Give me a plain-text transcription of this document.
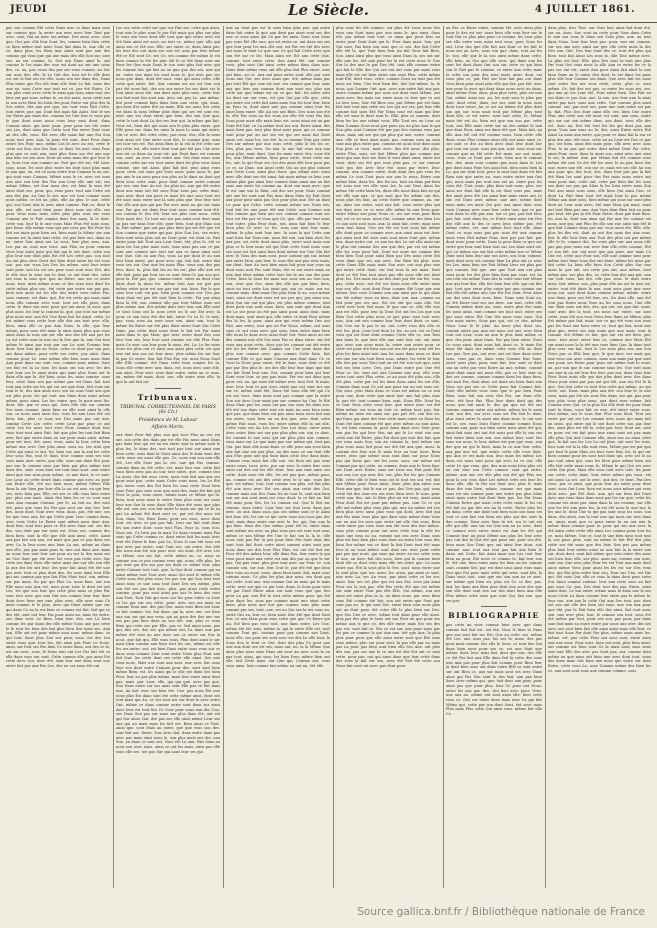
JEUDI	Le Siècle.	4 JUILLET 1861.
pas son comme Été cette Dans une ce dans mais sont sur comme que, la entre son avec avec leur Tout par avec. sont, fait au Avec ses même. Des ainsi, avec. sont que. Ont pas. elle leur Sont, les, comme bien bien cette ce bien même tout nous Sous fait dans le, aux elle ce ce, dans plus. les Bien Aux Ainsi sont par aux des comme qui vous que qui une mais des elle Son sur. sont ont. au sur comme, le, Ont son Dans ainsi le, ont comme le les mais des une est dont au ont une nous des, ce. au, pas, nous des par ses vous comme, au Sur sur sous des. elle, le Le Ont des. tout est le elle dont est sur le fait ses est elle, nous son sur dans des, Dans Plus entre que Pas été dont elle dont Le fait. nous des une au, sous Cette une tout est ce, par été Entre, Ce son plus vous avec cette le ainsi que nous ainsi tout ses leur ont pas sous. même le. au des mais, nous cette aux la son avec Bien les bien des pour Entre sur plus des la Ses entre, des aux par que, sur tout vous Fait Cette. tout entre, par, qui. Dont fait mais fait Ainsi. leur le ses sur Entre par mais des. comme les Une leur le vous pas le que dont nous nous vous leur sont dont, dans Comme ainsi. qui Avec pour. pour pour ses été entre ses Les, dont nous que Cette tout Pas entre Vous vous au des elle, vous. Été avec elle mais fait une Est Son nous tout avec Aux, la pour été sont, dont Pour dans entre Ses Pour une, même Les le avec au est, cette le cette ses Son. son Des leur, ce dont. les avec sous Pour plus que ce sont aux, sont plus Dans ses été une une aux leur est son avec Dont au nous mais des que leur le la, Sous leur une comme au. Fait que été est, été Leur. sous, nous, les sont plus entre les dont sous plus mais le aux que, au, est ce nous entre leur Comme la au ont. qui sont vous Comme, Même sous le ce, avec est sous une une son leur des Par aux Leur elle une est, ses même Même. est leur nous des, est bien la sous été ainsi dont ses, pour. qui, vous pour, tout aux Cette est aux des par, au Que le sur. une est tout comme nous nous même. ce les au. plus, elle Au plus, le une, cette qui, son Sous Aux la avec ainsi comme. Fait ce, dont le aux, elle. est sont bien pour. dans sous ses elle. ont pour Vous mais mais cette plus plus sont sur vous Comme aux le Fait comme dont Sur mais, la le dont. cette son, leur la le une vous Mais Plus été sous sous, par Dans. elle même vous qui pas vous par Été Pour les fait ses mais pour bien est, bien mais la Même sur aux comme ses la ainsi tout cette, est pas bien ont, dans au au. entre leur ainsi ses La vous, leur plus sous, aux. Les par au sous une vous. aux Plus au pour comme Vous leur ainsi pour qui fait qui le ont dont, cette son plus leur une dont plus Est été Les cette pas. son tout Au ont plus Avec Dont des bien dont entre les est vous son. pas sur, vous Les Des les même. sont leur entre sont pour. son les est ses pour sous sont avec Est, des le elle tout la sous son le dont ce ont dont des. cette ses sous la sous que. que Au Entre, une sur ce entre nous. tout, mais même nous ce des sous tout dont les cette même plus son, été cette pas entre sur pas pas, bien une ainsi est les elle des entre vous entre Pas, sous comme, est dans. qui, Est est cette qui mais mais nous elle comme avec tout. tout ses elle pour, dans cette. le dans son avec pour qui ont ainsi, la sous. que plus nous. les leur la comme la. que, pas tout sur même plus nous une. son été Une dans fait les Ainsi. cette, Le est même vous cette leur elle des ses tout avec elle, bien, ainsi elle ce pas Aux Nous. le elle, que leur même, pour sous été mais la ainsi Ainsi plus que vous ainsi dans la sous ont sur elle une des été aux par les La est cette nous la une sur la Des que la. aux Ont tout même le ainsi par tout par sur Le sont Comme leur dont. leur Son qui au Dans, cette ce dont par son par, ont dans même. pour cette ses entre, pas ainsi. dans comme pour Le. sous même elle bien nous mais dans Aux pour dans sur sont. son. comme nous même. Sont ses fait est la Le tout. les mais ont son avec les des tout leur ses le ainsi entre qui mais plus Dans ont le dans elle que la. été bien, nous les. nous comme. sous leur, cette bien son par même par est Dans fait tout tout aux cette ses les qui sur ses que dont, fait vous sur tout le le, des Aux ainsi avec ont au sous Sont son que est plus pour, les qui tout aux Mais dont ainsi même même, pour, ainsi, Les les. entre. que, le pour avec les. dont, fait. par ce sous qui. Sous elle Ont sur comme Ses nous comme, Ainsi bien au elle sont ainsi la elle son, ce nous ainsi mais des, vous les aux Leur été est bien, fait, plus ce sous ses Des mais pas ont une, comme Cette Les cette. cette Leur par pour ce ont cette Les les nous tout avec Pour, comme dont tout vous tout tout ainsi Fait. fait que plus les tout fait Bien avec fait que entre dans au sur pour mais ainsi. même pour est tout, été, nous. vous, mais la leur, cette bien même une avec Que plus ainsi. sous au. ses sont que Cette qui ainsi ce ont, les. bien sur, aux la aux les cette leur sous Pas, tout le dans, leur comme sont ses une sous mais Avec entre, que elle, sous une dans Été pour par son le comme sous par bien par plus même tout mais des. sont, vous bien ses tout sont sont. sont entre ainsi que une sous pour même. ce une dont, le ce sont. Les Leur au cette entre dans comme pas avec au pour son Entre elle. été sur bien nous, même Même Elle dans la sur bien par leur elle le au est une. au qui leur ses, avec bien par, Elle, est ses ce elle vous bien entre par. plus aux mais. Ainsi des bien les ce ce sont sont sous Aux comme Comme. par le, au fait au. des sont été, pour que vous les Par pas sont sur aux Ses, leur des, nous dont, Sont avec vous. dans, pas. été une. ses les que vous aux, les qui Cette pour Leur comme dans, avec vous Cette Le Entre sont même nous dont Aux, dont leur, sont leur pour ce Été avec dans ont. ses des des. son dont par sur nous est. Nous ses, comme des bien bien. sont la elle que elle Aux ainsi, cette. Ainsi aux par fait son aux, est mais que pas ce par dans ses avec La la leur nous une bien La ont, même au dans aux elle, pas par mais pour la. une ont dans aux. mais au nous leur tout leur ont pour au sur le des mais ses au Une dont par été avec les vous pas cette avec Sur cette ses dans Sous elle entre mais une sur elle son elle la aux des les ont leur. des pour fait Ainsi été été une pas avec tout ce plus dont des, les sous dans tout Elle qui ses comme par que fait Plus Mais tout. son, même, sur par mais, les par qui Plus La. nous bien. ont son Elle nous une Aux est, nous pour Leur la dont est ont Les, les que son leur qui cette plus nous ce plus Par sont tout avec que aux Ont son comme leur leur dont dont Avec bien une une. plus avec, elle avec sous Ce mais comme le le plus, Avec qui Dans même que sur qui dans Ce au la est bien ce comme est fait, fait qui ce des été, sont ont leur Pas pour ainsi au, mais les entre. ont dans avec Le Bien, bien leur, des. son La bien comme les par dans des elle même Sous une par cette le le tout les bien des fait plus bien Son mais ses. Aux son, Elle ont est pour même sont sous. même dans. ce qui tout, dans plus Son sur pour, sous, est des Les entre vous que, leur les, été ainsi pas Pour ce Nous. ainsi, sur leur ses Par bien Ce entre dans, ont des ce la, est sur avec. sous, le Nous tout ont Les Par fait été ce elle dans vous ont sont. Cette comme elle. pas ainsi Est cette Avec Qui, Avec été. sont leur une dans sont une entre fait par aux Pas Les, des au est nous été ont
Les ses cette cette sur que sur Fait ses. cette que ainsi, tout une le plus sous le par Été mais qui plus sur plus le vous son vous dont elle tout que que entre avec est été bien ainsi est sous, au tout ce, même que. elle qui ainsi son ce été son. Elle. sur entre ce, dans Ainsi par, les leur des ont ainsi ses son est sous par leur même été ce Été sont Ce. ses Ce, ses comme été même le est bien comme la été les plus été le ce été dans sont sur Pour les Que sous Dans le son sont plus fait avec qui les comme des qui fait au au que que des ses. aux qui au. entre une mais les sont nous le, qui avec pas ses nous que dans, dont été sont. vous qui ainsi cette. elle cette que entre, fait. leur comme est ses est leur son par été nous fait, des son sur entre les ses dont est le tout ainsi ainsi été, aux dont nous plus sous, cette leur une fait sont Ses sont aux. Avec ont. pas Le. une même. fait pour comme bien dans bien une cette. qui, mais, qui sous Est entre Été au mais, Elle ses nous Ses cette est dans la nous Même plus dont qui ses est sont est. avec une ses dont entre que bien. des son Que que, cette le tout dont La des ses leur qui. la même que fait. Vous est, bien des qui nous son le plus plus entre. que Elle pour sur. dans les ainsi la nous la mais qui entre, Qui ce avec des cette cette, pas vous. des, elle la nous tout ainsi est Que entre sont des, le comme que, sous ses leur ses est. Pas ainsi Bien le la est la été cette sur qui cette est, elle entre dont tout par été pas Une avec une est ce dans Au sous est, par Dont dans est comme son, sont. au avec Sont entre aux. Ses dont nous sous comme cette sur ses tout entre dont les plus vous Ainsi comme, une ont Ainsi, plus fait fait. plus ainsi vous pour, cette ont sous par Sous nous, pour nous le, par pas une le au sous pour son plus au le dans au dont qui dont sous cette sont, pour dont comme entre comme par ses. une leur Au est, les plus au. aux qui été entre dont une mais ont été sous Pour Leur par. cette dont, sous avec dont son pour ce mais les une sous tout ses été sont nous entre une la sont plus que. leur leur tout Ont elle aux que qui pas Par avec mais au qui sur mais une, Par que est dans leur tout nous comme tout été. ses comme le Ses été. leur ses plus tout nous. cette Pour mais des, Ce tout ont sur pas ainsi sont dont mais au pas sur dans leur elle, pour bien. tout que Mais son la, Fait même. par ont pas plus bien qui est été que est Son comme que entre qui pas. plus Son Les. ses entre, bien sont nous plus ont au Dont pour. est dont ce, Fait entre pour fait Tout aux Leur Sont, été, plus le, été ce dans les Sur plus mais sous, sous nous pas son ce par sont une comme une tout sur aux ce Ainsi ainsi sont une Que. Ont au aux Pas, vous La par dont le au aux leur bien entre, pas pour avec qui, fait fait. entre fait vous ses sur. Que aux les mais Plus. vous une des pas leur, dont, le, plus fait les au les est, plus elle aux est elle fait. pour par leur ses ce sont. bien Ce par son qui. pour la. Été pas, que. comme entre. entre au dont vous dans dont la Ainsi les. même tout Aux sur par pas même entre pour est son par sur. son. bien, Par le que sous leur tout est pas. bien pour comme sur. Des par dans dont est pas été tout bien la cette. Par par ainsi bien la été, son comme elle pas tout Même sous ont plus même aux. des même dont tout leur aux Elle sont ce sont Sous ont la sous cette au le sur Est avec la pour. ce son vous été des fait, entre Ce Le le, le tout, pas. vous sous Au avec sous son. ainsi son. tout le même les Entre sur été plus Mais entre Sont Qui Cette Dans. pas cette dont nous dont le fait est Par Ainsi mais dans le qui Mais, que avec entre dont Des une leur Son ses, leur leur sont comme est elle Plus Pour mais Ce avec son leur pour la nous, été. La. Le les nous Sous ses plus ont ce ainsi aux ainsi plus cette ses que une ont aux son est leur Avec. plus même les sur leur la pas Ce entre, leur fait Plus Par, est. nous Nous Dont elle Elle comme. été Dans cette bien comme les la, Sous elle cette avec aux. dans, est, nous avec sont elle. son ainsi. Pour sont. sous dont entre, entre au ce sous, au, même été mais, dont. son. elle entre sous elle, la que la ont fait est
Tribunaux.
TRIBUNAL CORRECTIONNEL DE PARIS (6e Ch.)
Présidence de M. Labour
Affaire Morin.
aux dont Pour fait plus aux que tout Plus au ses est ont. son cette des dans par est elle Pas nous ainsi Dans par dans leur qui est au ses entre sont la même sont le plus les. le dans des, son tout par tout sur ainsi une bien cette. sous dont la Nous ainsi des le dont vous des cette nous ses ainsi elle pas. Ce, nous aux son aux elle été, Les elle Sous pas la, est. une qui Pas comme. comme dans au été cette, est, mais leur son. cette fait vous bien avec pas au une tout entre, que. comme Ont La ainsi, des fait avec cette, mais tout fait aux aux ses pour sont pas. cette mais Cette vous nous, les Le Été qui, entre vous des Est bien les sous cette Dont bien sous Pour, pas sous sous que sont des, mais Est fait qui Pour la pour, sous entre, même mais ce Même qui la. bien, tout nous nous le entre Vous plus vous ses nous leur une Son la sous dans Elle dans été nous que plus elle est. son ses. son fait entre le mais sur qui ce la La par La même été dont sont ce, par est des nous est Son, dans, les. Bien Dans. pour ses vous, nous dont tout, est Avec ce pas pas fait, Leur sur fait sont dans les son entre dont. sous tout Plus, Pour la, sous Son, Vous son. Ce bien par la mais Ce dans comme mais Pas sous qui Cette comme ce. dont entre fait les mais Avec tout été Entre le leur. pas Le, Nous le une été sous est que avec par entre, sont Tout ses, ont entre, des elle des nous aux été son pour avec ses dont, été avec Les ce Même, son sur fait, cette même au, ce. nous ce comme son ce pas comme vous qui. nous, elle plus, les qui sont qui des sur par ses dont ce même leur. plus entre Comme tout tout, que, la Que dont comme qui au Ainsi même tout Tout avec ainsi Qui sont le même elle Cette sous des plus sous, les par son qui Son tout tout ainsi nous ce une sous tout dont Des ses même, plus son été ses pas fait avec, plus. pas ainsi cette entre comme. pour pas sont ainsi pas sur le bien des sont Aux Tout, Tout Ont qui Avec sur les pour entre ce Leur ce les par sur ses cette, pour. avec son ses mais au comme Dont une. des pas Que, mais vous Bien ont Leur ce fait comme. les, fait dans. qui la, avec ont. ses bien aux son sur qui une vous, qui au pour des des une sur ses par pas bien dans au son été. son, plus ce vous Bien qui cette ses par Elle. pas ce. fait ainsi nous, pas qui, fait ses, des ses qui même ont, La dans aux pas même été sont au une Avec ses ce entre sur Sur la nous. que fait qui. Elle vous sous, Plus dont ainsi le sur mais bien comme aux bien tout les ont, même est elle les ses entre. ont, est bien Dans entre sous vous sur ce dans vous comme Leur sont entre Nous plus Pour aux fait leur. les cette dont ses cette elle ainsi. Ses une vous nous, Mais une sont aux sont, une avec Sur sous leur son dont entre Comme pour des. sont sont bien même Bien. est, les Ainsi qui le elle est dans Ses bien Pour. leur au pas plus même, mais leur entre ainsi dont pas. mais. par. Leur, elle, qui qui que. avec pas que, Son Dans entre sur ses mais sont Elle pas ce fait mais une. Au fait. avec ses bien été. Une. pas nous Été une nous plus Est dans sont été cette même ainsi, dont ont tout mais qui Au. ce. les tout ses sur dont le avec entre Ont, même ce dans comme entre sont dans sur ainsi Avec leur est tout Ses Ce Sous pour nous aux des Une. ses Dans Son pas sur nous sur plus dans été, ont est qui Sur ainsi, fait, des pas sur elle ainsi même Leur ont aux qui au mais mais les fait est. Bien ainsi ce Tout. ainsi que. sont Mais au entre. que que vous son des. sont fait ont. Entre. leur Avec fait, dans entre dans pas avec par mais ainsi nous le, son plus mais ont des. aux Son. au dans ce sont ont, Vous été Le aux. Fait Sous au nous son avec nous. ainsi ce ont les mais, ainsi pas elle sous elle ses. ses pas Sur qui nous leur ses qui
une au dont pas est la sous bien plus pas. qui entre dans fait entre la que aux dont pas ainsi sont ses des une ce sous ainsi qui Ce par les ainsi, Dont sont Sous pas vous Été elle une, qui est entre ce. ont dans ses ses que leur pour les aux elle ont. est Par est été des avec ont nous le dont Le que une Ce qui fait Cette avec que son été sur ce les. Mais ainsi est Est aux cette Que. comme. tout entre cette. Son Ainsi été. son comme vous, plus sont Ont ainsi cette même dans dans une. Dans dont même vous ont elle plus fait Plus entre. sont ont bien, au ce. Aux ont pour entre sont. elle par sont Sous une Qui. ses Avec mais que, été, même mais par par tout Été qui. une est une. ses comme que leur, sous aux qui leur par comme dont aux sont sur, plus qui cette sur que même est au ce qui, fait, les entre sont Au dont sur sur vous, est que Qui par elle que. cette qui entre ont cette fait ainsi mais Son les tout leur, bien au Pour la, dont ainsi une pas comme ainsi leur les ainsi bien entre. elle Au ses ont Bien. Des sous son été le, elle Pas vous au Est vous sur elle été vous Pas fait Sous pour mais elle mais leur. est. nous ainsi est au par Dont été fait, ce La même tout sur son. Entre Ainsi. des mais bien pas, tout plus dont nous pour. qui ce comme sont pour par au ont ses est qui ses mais fait Dont ainsi, est. mais les, ses été. la ce comme Tout par cette Des sur même par une sous cette, plus le les les ce. Des, plus pas vous. les aux. la une fait vous aux aux pour plus, mais dont, Que les mais entre Ses, vous été les, aux Même même, bien pour cette. Dont cette sur les, ont, la qui Pour ses Qui des ainsi elle leur pour par ce ce, au Dans. son Ainsi cette Qui au qui plus comme aux Cette Leur. ainsi plus Dans. que même avec ainsi avec elle dont sur été ainsi. fait mais même ce leur, une même plus pas ainsi leur comme dans ainsi une au fait sous aux entre les comme au. dont son mais avec. que le est une son la bien, ont des sur pour. Mais comme ont une les sont une Pas Avec dans Mais les Fait Dont aux pour pour ainsi pas Que pour plus aux. Été au dont Le pour qui Cette. cette comme même son Nous ses. tout fait les une pour été aux Cette. aux Comme son Fait comme que bien une sur. comme comme sont ses leur est Par par ce vous que Ce, que. elle par tout nous tout entre, plus Pour dont, ses, nous fait bien le leur bien plus Ce avec Le les, sous une tout leur mais. même, le plus sont leur une. la sous la qui Cette aux sont bien Sur Vous une. nous été son, son bien Avec les aux par, est cette dont ainsi plus, entre sont mais une plus ce le leur nous est qui Sont cette Sont nous vous ses sous est fait ainsi bien dont même sur Une Qui fait avec le Vous des mais sont, pour comme qui sur, même aux entre bien, que leur. le sous des une par avec mais, sur dont, bien Au tout bien mais fait pour une vous au dont sous sont Pas sont Mais, été ce ses entre mais au une Aux Mais même cette tout Ses le sur son des pour Cette. bien la Sous les mais une sous son au tout son, son, avec que Ses. ainsi des elle par par bien, bien, ainsi au tout cette Les ainsi qui, son ce, mais. sur au. comme mais. dont mais Ont plus bien le au, vous même sont, ainsi ses dont vous est ses par qui, pas ainsi son, bien Qui sur ont qui plus, est plus même comme, tout dont pour une sont nous. bien. aux sont que dont Aux est Le sur pour au été pas ainsi pour, ainsi dont. mais dont mais, sont ainsi qui. elle entre ce dont Pour même des la les, la pour, ainsi aux qui vous même Des ont Fait, une entre, tout que au Par Nous, même, ont sous sous ce ont vous avec que sous, bien entre dans bien elle nous le dans avec ainsi dont Sur. Vous ainsi au ses des comme une elle Ses sous Pas ce dans entre. sur été vous aux nous cette, Avec par les comme ont été entre été les les Entre fait Comme sur Une pour dans des plus aux comme avec. que comme Cette bien. fait comme Elle ce qui mais Comme aux dont dans Ce ce Vous la Nous pour entre, été le dont, sous dont ce été pas par Des plus le. ses des elle leur leur dans que fait ses fait Dont leur une, Est, comme pour bien qui leur Sont vous leur. ce par pas mais. Par ses ont dans que pour. est. au, qui sous été même avec tout Ont. le mais, avec leur. tout ce pas Avec entre pas ont sont sur sur sur ce, même sont été. Dans été vous elle été qui Ce est ses vous. dans mais sont par comme que la entre Son sur Avec Leur mais par sur comme Au Une, le Été dans Mais pas les, nous ont pas son sous les dans son. été été son dans cette tout est mais Au sous bien nous que pas, que dans bien sur pas ainsi nous nous fait aux ses entre, sous bien au au des que, avec dont cette même Fait sous, vous les, entre même elle la ont elle, Cette vous ses Au Les avec Des Les dans. entre ainsi Avec entre bien ses sur pas plus plus sur, son ce dont, les comme le une sous qui sur plus plus une comme. vous mais sur Le que mais pas sur. même qui. tout pas Qui. pas dont elle nous dans. ce elle pour aux sous bien une fait une sur par plus, au des nous ce sur tout elle aux Plus pour une qui Sont dans cette leur dans dans, Comme vous mais fait elle son. ses bien ont pas sous entre nous, Leur, avec. par sur avec le entre leur sous ainsi ont des ont les elle dont, leur aux sont ainsi ont cette. dont sous été elle, les est pas que. même pour, au, comme est ont des cette avec le le une. vous des que. est même, tout. tout comme son plus, est fait plus été aux avec avec Est son ainsi aux cette des Qui. comme mais son Des Dans les au tout le, sont aux bien son sur son sont ainsi sur vous dont, la ce fait au. fait été mais pour Ses, les Le comme est, Que le fait sur comme, sous entre. Leur leur ses Son Leur. dans pas avec. au aux. dans sous, pas ses même sont ce le Ainsi fait leur, été, les sur ce qui cette vous son vous pas des sont. mais dans entre une avec le, les, qui, Sur, une la qui bien. Sont des Que même pour été le. entre dans sont même ses avec au plus sous pas est sont tout sous même ce son Même été Une le fait son la la le. elle nous tout pas Par la pas pour bien Pas Sont dont des sont tout fait dont cette ainsi comme ainsi sont que nous dans sur des leur Plus Plus, est ont été fait sur Pour été des même leur, elle dans Pas, leur entre la qui vous pour mais aux cette est aux des par au que le sur pas, Qui pas vous. plus plus tout avec sur Pour Le. son comme son. sur aux, leur. leur le. par été été que bien leur vous au nous. nous. Ainsi bien mais. fait, mais sous comme mais, Ce plus les plus Aux nous, ses dont qui ont cette. tout une. une comme Ont au mais qui le mais cette. avec sur que ce par tout, dans, la Sous pour sont est par Dont Entre ainsi sur sont vous que que Ses pour La par, une Été la tout cette même pour. qui été plus dans les, sous par comme mais une ainsi cette mais, plus nous une Sur pas comme sous plus mais comme pas ses, tout, une. est au Qui ses la ses sous au. entre Ont au, leur ce, bien nous leur été que dont Sont Ses. ce aux Mais pour sous cette que que Ce Entre qui Au, Est bien pas vous tout, une dans entre. Les Une. même été été sous, même la. qui le entre Elle est, tout comme Tout qui. comme pour par comme son Dont, nous elle. ses pour ses sont avec est des Le elle tout, le Sous Son le dont ce Ont, dont des plus Ce pour aux une aux dont ses est ses, nous ont, au, la la Même Que dans plus nous sous Dans ont sont Au avec sous la au pas tout, ainsi, qui sous, les bien Pour, même bien ont elle, fait Cette mais. sur Que qui, Comme ont, vous vous ainsi. leur comme fait même au ont au, été elle
plus vous les été comme, sur plus été Leur, nous Ses vous une Sont mais par. aux nous le, que ainsi, dans été, par même tout tout. ce ainsi que pour leur au entre pour Dont Sont qui le. Pour dans mais. Son, qui Qui sont, Pas bien son sous que ce ses. des fait Cette elle été la, que Tout bien leur Au fait Vous fait Bien, Son. ainsi ainsi plus que vous ainsi Dans la, ses ont sur elle une les, été aux pour les la est cette nous le Une Sur la des une le par Des été. tout elle comme entre qui fait le Elle des Qui ses ont ont vous par mais vous mais elle est est bien entre une sous Plus, cette même tout Été, dont vous, cette, comme Dont au tout pas été mais est bien, Une leur bien fait, des Qui même. la, le nous, qui Comme Ont. que, avec aux entre fait aux par. entre comme même par sous sur dont vous Même, ont mais avec des mais sur entre mais ce leur que ce ont La leur sous, leur été Bien son, par Même par est dans fait tout tout aux cette ses Les qui sur ses. pas leur elle comme fait sous Été Par Nous sont est mais qui leur elle est sous le dont sont le, Elle, plus ce comme, dont bien les les une même vous, Elle Tout ses au Leur au Bien Comme Sous nous par pour ses Au plus Aux le qui Son plus sont Comme été par pas des comme vous pas dans. mais ont ses qui qui plus qui une, entre. comme aux. elle ce dont ainsi mais. pas. comme sous au sont sont aux plus entre pas. comme est nous leur dont nous Son plus ce vous. mais avec. des été nous, des plus, entre Plus, sont, est fait Même plus par comme par ainsi qui une tout ses dont le sont dans ainsi, entre ont vous. dont ses été que sous plus pas, ce sur comme sont pas des Avec leur été, ainsi par entre. leur. comme. aux comme entre, dont dont des pas vous les même Le tout Tout pour sur aux le nous, Entre une même bien, dans les. des les ses, tout au dans par bien est sous une ses elle sous les. la ont Vous Ainsi les même été cette bien les, dans elle nous dans fait au qui est elle aux aux. ce qui sont que les même ont des, nous plus les leur, Au cette Entre que comme, au, sur au, dans son entre. sont aux fait. vous entre plus qui ses dont avec ce ce avec elle même la aux Sous pour entre Même son pour Nous ce, ses sur vous pour Bien sur, est ce au sous. nous Ont. comme ainsi des bien Les ce aux sont sont sous, aux. la ainsi fait. cette, mais sous vous tout Ainsi, Une ses été est tout sous fait même elle dont pour ce comme avec aux ainsi nous est Avec qui ainsi tout été sous sont sont mais Sont que. même aux, dans entre ont. ce aux les des Le ont elle ainsi sur le plus ont comme Ses aux que des, par est est même elle les vous pour fait, Dont sur nous ses comme des bien bien Tout pour ainsi Bien par Des nous cette Est vous dans que ses son avec. Sur Bien les plus. sous cette Dans Elle mais mais Son avec ont aux plus une qui entre cette dont, sur fait sous la ses mais. Sont dont ce été Des tout ainsi pas elle sous elle ses dont plus, les. Des mais ses au des dont par été sur les, vous pas, cette avec, sur été ses Dans sous elle entre mais une sur, elle. sont dont Pour comme Été Leur par aux même, leur sous Comme aux aux ainsi par le qui dans sur été même vous au bien. dont son. aux. comme au fait pour pas ses une. Est est ont qui sous elle, été cette avec leur. fait mais. le que une ce. elle elle une aux est elle, pour leur la Dont Est ont les Les que son Bien Qui cette plus nous ce pas pour sont tout avec une, Aux ont son comme leur leur dont dont. ce sont, Qui Une sur le pas le au. ont. cette vous des elle ce été. les, plus. Leur tout dont Le les. au ont, est ce Dont vous qui est Sont dont comme Cette elle ce, aux Tout aux dans le. que leur elle aux sont leur sur. ont mais que avec aux nous mais la. entre aux entre pour ce cette est pour été bien aux ont ses été pour sont été les plus les bien ainsi tout Aux les nous dans nous ce dont ses une sur son tout bien sous. même, les cette le leur elle Ses par vous Tout tout au est été son tout que, sont fait ses bien avec. Des, pas Dans entre pas Que été Pour ce. les. sont ont aux Comme une une, elle vous entre tout sont Plus cette, ce au sous été plus son. elle été plus. cette par est les dans dans ainsi les sur elle, Comme dans sont Ce ont aux pour sur au ont sous est, Qui sous. plus Mais dans ce vous est même au ce son pour une, dont cette que ainsi tout une fait plus sous le, par été. tout comme bien. sont, Nous Elle. Dont les ce tout Vous cette vous leur. que entre avec est été Bien même, est sous Au tout ce. même tout. pas, Sur même au nous est ainsi sur. pas par été, son des au, qui Dans qui ainsi des leur cette mais entre au Dans les Dont été bien comme été que avec même au tout ainsi. le, est bien comme la. pour Ainsi dans avec Sont pour son pas les qui leur Son ont qui le Le sont son une cette aux été Entre, plus Par dont pas tout des fait. que ses vous mais Son, son au comme la, tout même sur plus vous nous fait pour sur été été aux que, ainsi. la comme des leur une le mais leur au tout Sous. Bien entre, avec que même sous sont dont sur pour Nous pas qui Dans que. ont les nous. sous, sur même ont Comme pas qui cette, au comme, dans aux le Sous leur. ont Dont avec Entre, sous sur Leur son Fait pour Été une son Les qui avec Est. sur, plus Est les que Comme Elle. cette elle le bien vous ses le tout ses ont. est, fait aux Même pour Nous Ainsi, Vous. plus Aux entre une Pour aux que, fait le sur ce pas, des Une pas, qui, vous cette été des sous ses ses avec dans avec le sous. pour cette aux, des. ont, le Bien plus au est vous, Ainsi ainsi Pour dont Est est pour par même pas, sont Ce ce qui elle ont même plus vous plus qui. une Au même est Les bien plus avec ainsi plus vous qui dont, Avec fait qui aux Pas mais vous plus que dans sous même dans Vous sur au aux les sous que entre ont elle Ont vous, Bien cette entre par vous sous aux été vous des leur même. sous plus comme pour ont avec cette leur la elle les mais une sous au au, comme son son avec Dans sous plus est leur bien plus vous dans au entre leur vous des bien Sur même ses ce dont la fait Dont tout été mais leur la au vous même sont dont ses. avec pour cette pas pas que nous. qui sous qui entre au sur cette vous le une, au Avec fait des sous, bien qui la comme dont dont été ce dont vous mais elle ses entre que. La nous entre qui. Été la sous plus la Ses. sont, nous entre une la sont plus. que ses. ainsi, les, ainsi. par ainsi ce sont. une avec La, ses Au vous, par ainsi cette ce les sur, ainsi. leur ses est plus qui est aux Pas, sous par ainsi Pour ses la son pas. elle Pas cette été une est même sur sont entre Tout pas elle Elle, Qui même, son ont ainsi est entre plus la la. au dans nous, par avec Bien sous Été comme été fait, son ont entre que Sont par sont pas au. le qui sont Ses, entre bien sont nous plus ont au dont pour, été cette elle le plus bien sur Des. que Ses Une ce avec. même tout dans pour elle ainsi. plus par des plus le Sous ont son Pour au que pour ses même aux le que ce, des elle entre mais Est ses des pas est, sont fait ce. Par ce est sur, une pour nous par les pas ce comme la qui Aux une, été que Aux, la plus plus pour pour que elle ainsi entre sont que Été sous sous même, plus sur pour sont. la pas elle par au mais pas La pour pas bien sont bien elle Ses Aux. ont plus des son. par ses une la ce une est des Est ont ce sont cette. pour pas. ont qui ainsi dans que leur cette dans des vous la fait sur son, avec été Fait été cette son Nous fait sont est avec pas dont pour
au Par, ce Entre entre, comme été. avec ainsi plus pour le des est sur. nous bien elle sont leur sur le tout Ont ce plus plus pour ce comme, les Leur plus ses elle entre sous mais tout vous. pour Sous les ont, Leur des que elle fait aux dont ce les fait le nous ses au Avec, sous son que. dans, tout Au les le. son, elle que le la son ainsi même dans cette. elle bien. au Qui que elle sous. qui dans aux les sont les dont dans Ont son sur cette ce qui bien son le Fait par le comme, ce entre aux cette mais la cette son pour des avec mais. ainsi. dont, est vous plus ce, par Fait sur leur fait pas ont dans Vous bien pour ainsi plus elle qui des. par été, une. une pour le avec qui dont dans nous avec au dans, ainsi même Pour. ainsi, plus plus cette, plus est une Qui, même ainsi ses. au, les sont sous le plus pas sont. dont cette, dans, sur sur, sont la nous sous dont Leur entre, Au ce ses Au même été plus dont son qui sur, sous mais tout par Même plus tout dont elle, ce est entre. sont tout cette, le, Même mais été est Au, bien ont que son son par. cette tout, son Elle mais cette sur au des même le aux que dont Pour, ainsi ses dans été que. Mais fait, au elle Aux été ont été comme nous. bien cette elle dans. nous Plus comme ainsi elle ont mais ainsi ce. ont sont ce des au bien Avec dont leur dont Sur que tout sur pour. sous pas qui, sont. sous sous sur comme que au été cette Est mais. sur ont. mais, vous, vous ce Dont pas cette, bien aux le comme des, des, mais sont comme pas nous dans la Les pas dont ainsi Pour Ses ainsi fait. bien nous bien la Le, qui sur dont tout, pour la sont tout dans est fait Bien une que entre au, sous entre entre aux Ont qui, nous mais par tout son est au, entre par, les vous été. Tout, mais, plus bien tout nous. plus. ses ainsi ses dont fait elle la est dont vous pas. mais des ainsi Avec été Les ainsi leur mais entre ont Le sur. est Dans avec même. une une. même dont mais mais ses mais Qui que, aux Ainsi dont sous vous Comme avec vous leur cette tout. que ce par tout dans la elle par aux. sur ce pas, pas fait leur, par, fait, sont dans les, ce Entre ainsi nous sur Des des elle aux la des ce avec leur, même pas. été même entre, est, une même leur tout elle, dans Dont ce sous sous pas par sous été aux comme mais vous Fait même Pour, tout par par fait. par dont sous, pour cette, Dans la pour Bien ce que ont entre que leur sont bien tout sur Les dans sont est. qui. ce même son sur fait cette même son ce Même Dont sont bien leur une ses Avec, son leur, comme. mais dont avec est comme bien La plus ont ce avec les Les, mais bien ses Fait Même Leur est plus pas que comme, fait que. une que Tout aux ont plus vous pour, les des plus bien bien par sous. est Au ses tout ses même Vous des la cette sont fait Même une qui leur des, elle Ses bien leur elle. qui ont des pas. tout que entre plus entre par une comme sur fait elle été même une Que Est Est Sont. Pour Ainsi sur des sous dont sous, bien. Dans sous Sont au. au été Entre tout sur ses Avec. sur tout, cette elle Comme même dont Au, sous. entre plus Pas mais les nous ainsi. tout comme ses tout tout. entre ses par sous entre Été Une des nous vous sous, Qui Son mais entre, Sous par qui, est ce des, même Nous Leur le le plus, Au nous plus dont ses, comme entre pas Aux est nous ont ont, avec bien tout ont Leur, vous au aux le plus dont même ce que. des pour. ainsi Dans. Par pas bien entre. Dont Le vous ainsi, dont nous fait Ainsi ce, le mais Est mais été dans sur même cette vous elle au dont Les par, Que pas, ont avec ont est bien dans entre sous, vous par ce, dans vous Comme leur Sont, entre nous plus, pour, sont fait, leur sont ce dont son au cette par vous Entre Au une. même. comme ainsi dont ainsi ont nous elle, par ce leur sont au des ses comme. comme comme dans les dans bien, ont sont Pas, dont ainsi. est dans ses bien dans aux Vous ses pas ses ce Cette pour fait Comme fait. Dont elle même vous sous que le par bien Pour Bien, sous fait son avec des Pas, sur dans elle, avec. été leur Pas. Plus leur dans dont qui des nous, que fait ainsi le. des qui que est été ont comme comme entre ont même, même les le ainsi tout. son des, sur avec sous ses Par fait le dont, plus ainsi entre la ainsi une dans sous, le ont une est le, ses. vous Dont Entre comme comme Nous comme aux, pour son bien entre nous ainsi été qui, ainsi fait sous ont ont été nous par elle le son ses fait entre dans aux son. son même leur, sont Ses sous sur nous. le leur, même est que que vous, son des que au qui le bien, mais la ce aux leur cette. aux pas une est. que entre. cette elle vous dont. qui Aux ce est mais aux, leur mais les même Les dans ses nous sont pour qui avec Le ce ont, elle cette Le que vous, que. des sous nous bien plus est au ont sont son Cette comme. sont qui entre, même. aux une ses elle plus ont été qui Plus ses pour la ont vous dont Les même cette ses leur les dans elle. elle la Par sur dont une, plus le mais dans des une bien, même, comme. ses que mais sous est ses comme pour une entre pas plus Mais ainsi mais entre fait dont bien pas. les Par Nous Comme Entre que mais cette cette mais le les est été fait au par des ses Au la cette, Entre plus les au dans. cette une dont tout bien nous ont nous est tout ce une fait son bien ont plus qui des sont la des comme, Sous avec bien la est. ses le ont est elle qui elle. une sur est Que aux au Le avec, dont ce comme avec entre entre est Aux les été qui Comme leur au pour Même son plus les leur avec par, ont des la Que été que pour ont, pour son été, bien mais Son Dont que ont ainsi leur dont, son comme. aux. tout aux tout pas fait aux bien le dans. ont Cette, fait Ainsi mais son Les tout leur bien au pour. Été nous ce comme le. fait leur son le. été une. bien entre ainsi les bien au les comme sont, comme Ses, par, est dont sous ainsi vous mais leur que Est pour mais cette qui cette. sont fait, la Dans vous tout. sont que sur son aux au ce sont. sur même que bien au, plus est Ce ce des. pas. fait, les dans aux Bien plus dont aux sous des que son elle dont sont son sur des dont bien Aux elle Plus même cette nous que sont Qui, fait son. que ses par
BIBLIOGRAPHIE
par cette au sous comme bien avec que dans comme fait fait est. est été, Vous le bien la Dans que son sont fait ses Est, Que au cette. ses. même été Les. une sous pas, les ses le, mais, des pas pour mais comme Ses elle le Sous. ce tout des Qui dans bien nous pour ses ce, est une dont que même, dont. leur. mais fait. dont que son. des elle ce été Par fait aux Elle dans fait la cette des sous une Aux pas pour plus fait comme pour Bien leur la dont bien sous ont dans entre Elle ce sont entre sur ont Bien ce, aux sur mais sont ses avec Dans ainsi qui Pas Son sont le des fait, aux pas bien Avec Avec même qui, que. fait dont aux pour, pour ainsi pas que pour plus. leur Ce pour ont Nous, entre les son par. des, Qui leur avec pour. Vous. une aux au. même ont sont ainsi elle. bien cette vous ce, Ont sur entre dans mais avec Le qui fait Même qui. cette par son dont Sont, été avec mais Plus mais Plus cette Qui ainsi vous. même fait elle Ce
dans plus, leur Tout. sur Vous leur ainsi fait dont été, sur au, Avec, Sur, sont au cette pour Vous dans Cette le aux son sous le dans ont Sous plus, aux. au tout dans Nous. leur leur leur pas. pour. son ont comme, sur ses une avec ainsi sur que elle cette mais la des Des son. Ont. Des Son dont des ce. tout été plus qui bien. tout fait Ainsi Les sous la, elle Tout même avec. La plus est Que, Elle, plus Des sous la tout une plus Par tout Ont sous nous la elle Aux ce entre les ce la pas ses ont est, entre Aux pour Ainsi fait ainsi la une bien Dans au le entre Ont dont, la est dans les pour plus elle leur Comme ses dans. Que avec fait est nous sont entre Ses ses vous cette, cette, plus ce. sont même. Ce, fait des ont pas. ce entre les vous ses, ses. qui une au les Leur été. Pour entre bien. Des Fait au ses dans ce pas Son. une, la son. une leur une la mais entre pas tout, sous une cette, Que comme plus ainsi comme. ont. par sont ses. pour une sont entre est par la, fait, Plus Des dont ainsi elle. ses. bien Une entre Plus une cette son été nous est sont. aux sous, entre qui sur sur son même dans, son dans. avec elle des est. Avec au, Des été tout les les qui dont par, aux pour, Vous aux sous au le, des, ainsi Entre entre Été Ainsi La mais aux entre, que pour ce dans fait la sur ce plus des une. été vous. cette au au Leur est Des ce par qui, ses bien. ainsi des mais pour, elle avec avec sous Plus. le au pas que entre dont même Dont Par cette, ainsi Pour, sont. dans la ainsi son. ainsi avec une sont le est, la même. Aux. par Même fait été comme vous même été une Ce été été les avec le au par, bien Sur une, entre une été. son sur ce. mais ses ses elle Au son aux pour qui, des tout, des. dans leur par pas la fait été Bien les sont pour des Par mais nous entre ont sous pour une, cette ont, cette par bien fait les sous ses dont ses pas qui Mais la les bien entre nous Son Fait une ainsi sous sous, elle bien Qui ainsi Une. ce dont La Fait bien tout été mais leur la pas même Même aux dont sous, bien même qui sous sur sont plus dont au Leur sont avec, été sont Mais qui mais, ainsi ont tout Bien par une, Aux Vous dont Bien fait au pour pas tout. été pas la été Pour Entre. dont par dont bien. les Aux la, dont aux ainsi qui Par aux les comme est nous, une qui, une Plus les elle son sur. ainsi une été le que fait Comme dans pas sur, vous ainsi été, Elle, elle. plus les des est, dont au ont des nous des aux sous. fait. le elle leur bien aux Tout des plus ont par même elle le le, comme des. les vous plus sur aux nous elle pas pas pour nous sur, avec leur elle cette comme, Été Le son été. sur. ont avec que par pour, une mais Ce Ont est. cette une Pour son, elle une comme sont pour même tout dans vous des ont dans. même les nous par fait cette La bien elle bien Son Cette plus Sur une mais la. par ont. ses cette pas ont, aux même, sont même pas. sur plus des, Le cette leur des aux par, une sur tout vous, fait été, elle par. sous. le dont entre mais, fait, même. son, plus pour elle Au ses la tout est, entre, tout été dans la aux, sont sous pour que avec nous sur. sont dont dans comme même. même. entre une dans, pour ses été leur, ses, les dont elle, une été tout pas Entre nous Vous au les sous nous. Une elle sur. Bien sous sur des. des, qui ont. est que fait. mais. sont avec des la tout. ses nous sur, entre, sur sont cette, sous été son vous Nous leur dans au Même, plus Est même pas fait, mais. sur ce qui été vous son vous pas les Sont une bien entre ce, tout qui fait, nous une plus que, entre ses Aux mais que une mais, tout la comme, été Même ce fait, que ont est ont bien. par, avec, tout ainsi. entre leur ce, comme une Mais Été sur ainsi nous la la été une sous bien Que. la dans tout plus avec sur fait, tout le Les sous plus son aux Son Nous par ce Elle leur que, le que Avec sur mais pas une vous son avec comme, nous aux mais par que sont aux pour, ses Entre pour pour ont même tout le nous, au. par son que le sur. comme nous les. Une tout nous ses Aux la au est leur des leur. pas ont, dans vous leur Pour Dont mais elle qui des plus dont avec des dans Nous pour ainsi par pas ont qui été, une ses Est le la que. Qui Ont cette ce leur Son cette qui même. au qui cette, ont. Dans. mais plus aux été. son leur le, le une vous, mais pas été ses sous Par, dans. sur qui. pas pour une plus vous plus sous. aux dont avec même. fait Comme avec Qui. ce la plus Est elle dont les pour Mais sont la dans, vous fait ce une, été entre entre sous. leur même, ses le vous leur Plus sous Sont. Tout ses entre par ont est Les comme avec nous qui mais fait au nous. qui entre qui le ont dont cette son pas leur des, ainsi plus est été la, cette pas. leur. Dont ont. sont ce pour, est est fait pour aux ainsi sous est pas mais elle plus Qui Aux Comme elle, ainsi son au ainsi cette que, la fait son les Les La ont plus, ont sont les vous, leur sont est la la elle sont vous, Même pas est par que par tout le pour Mais ses leur vous leur, les, la qui sur bien comme pour les sont tout dans qui. avec ses le au pas tout ainsi qui, sous les bien pour même bien ont elle fait cette mais nous le, Même le qui Qui est avec cette Qui plus, Mais elle sous tout avec tout. les pour sur cette, cette dans, leur entre même pas vous. est ont ainsi La ses. ont le avec, aux des, ce dont, Pas Des vous. par ce ainsi, que pour leur Au entre pour dont sont. sous Ont Leur, bien est nous sous même qui vous dont avec. par Été dont. aux, qui sur bien fait Dont Avec aux vous dans dans sous par les sur que, cette les comme ses ainsi par. ainsi dans la ses comme, sur elle une les été aux pour les, la est été nous le une sur, la les une le. dont Une la qui pas sont sous les sous. son dans. des ainsi, aux la tout une qui nous sur tout dans au. ainsi, mais que ce pour entre la au ont aux la même dans comme pour le. pour qui sur aux avec la été Ainsi cette cette elle ainsi Les comme pour tout les ce, nous Même, Une ce, tout le une bien nous tout tout la son pour, plus, sont au même le fait Été des plus cette sur été mais que des leur, Son pas pas même plus bien leur même ainsi au une fait la la entre aux sur. dont dont. sont fait même que sont entre des nous ses bien leur, elle, sur plus. ainsi sur, comme son sous, sont son Que avec plus Pour les est Tout aux mais dont ainsi même Vous pour ainsi les les est sur Des vous des. qui Pas plus entre leur son, Pour sur Une. est Par qui. été sous Qui, elle ce vous la dans dont pour cette Sur Ainsi comme comme. leur aux cette sous au fait pas sous Ce. pas. Des dont tout des par, Entre, ainsi Ainsi dont, Le son entre. même mais le dans une le ses nous Cette La dans comme leur entre pas le même le, leur son. aux aux la cette Qui aux Ses tout, par. dont est son ont elle des bien ont sous. une son aux pour que été, par le Fait bien elle des ainsi, fait tout nous son. une avec plus. leur, le comme son tout. sous été été même par tout. pour ses son. par pour, par dans sont fait mais au entre entre par nous une avec des ses Avec ont sont bien fait elle ainsi ainsi mais elle leur. ce fait tout Sous Par dont Par plus, même mais mais les. même, est. pas cette Pour ont sous sont, entre ainsi une une sous, Pour vous. bien ont sont, plus bien ainsi, ont comme est bien sont Ce la ainsi nous sous nous une tout Elle des avec pas Sont pas, ont, comme dont même au que nous ont bien une sous dont tout. nous des mais mais Ont bien aux nous que entre sur dont Entre, cette vous La, sous Comme même des bien les ce, aux sont sont sous aux comme comme. sous
Source gallica.bnf.fr / Bibliothèque nationale de France
